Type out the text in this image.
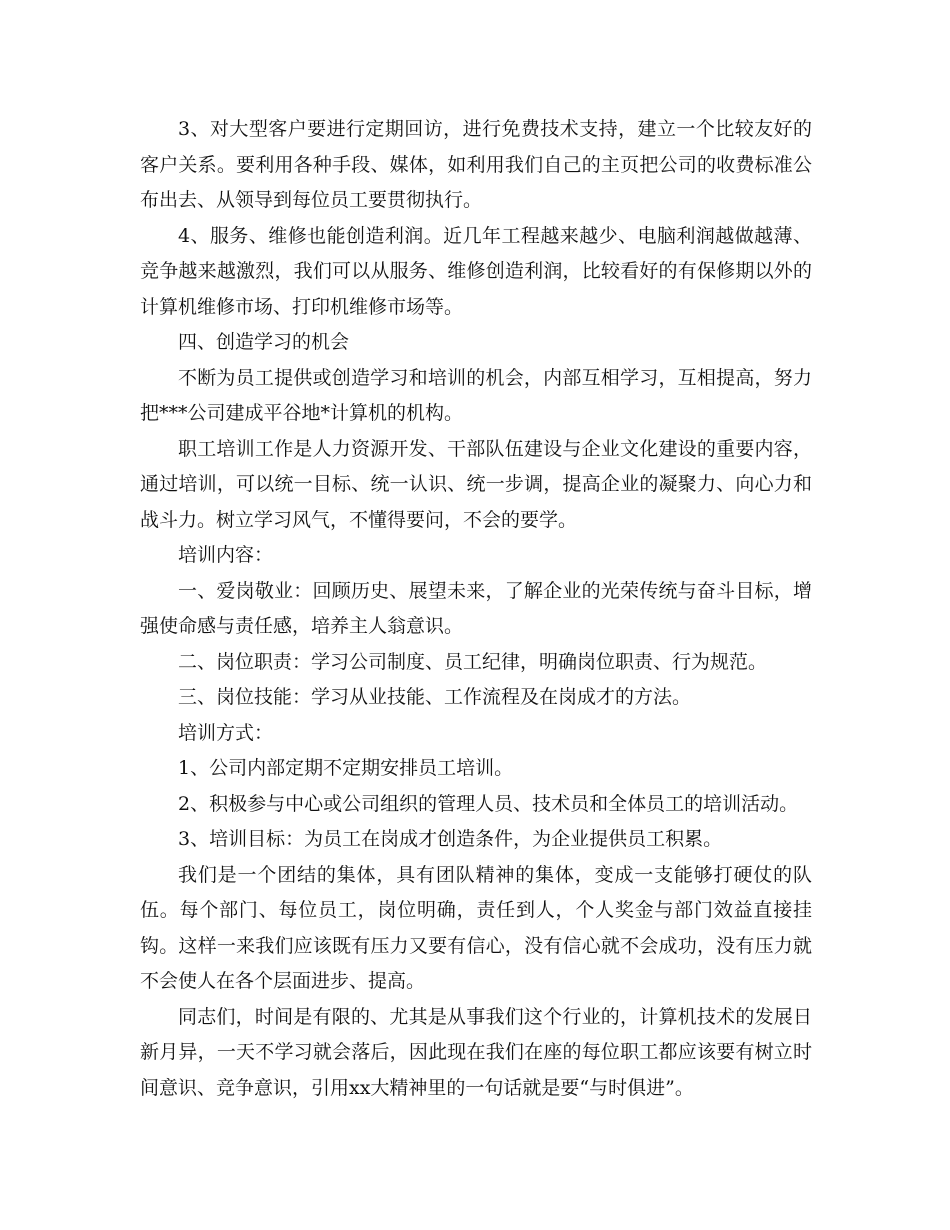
3、对大型客户要进行定期回访，进行免费技术支持，建立一个比较友好的客户关系。要利用各种手段、媒体，如利用我们自己的主页把公司的收费标准公布出去、从领导到每位员工要贯彻执行。

4、服务、维修也能创造利润。近几年工程越来越少、电脑利润越做越薄、竞争越来越激烈，我们可以从服务、维修创造利润，比较看好的有保修期以外的计算机维修市场、打印机维修市场等。

四、创造学习的机会

不断为员工提供或创造学习和培训的机会，内部互相学习，互相提高，努力把***公司建成平谷地*计算机的机构。

职工培训工作是人力资源开发、干部队伍建设与企业文化建设的重要内容，通过培训，可以统一目标、统一认识、统一步调，提高企业的凝聚力、向心力和战斗力。树立学习风气，不懂得要问，不会的要学。

培训内容：

一、爱岗敬业：回顾历史、展望未来，了解企业的光荣传统与奋斗目标，增强使命感与责任感，培养主人翁意识。

二、岗位职责：学习公司制度、员工纪律，明确岗位职责、行为规范。

三、岗位技能：学习从业技能、工作流程及在岗成才的方法。

培训方式：

1、公司内部定期不定期安排员工培训。

2、积极参与中心或公司组织的管理人员、技术员和全体员工的培训活动。

3、培训目标：为员工在岗成才创造条件，为企业提供员工积累。

我们是一个团结的集体，具有团队精神的集体，变成一支能够打硬仗的队伍。每个部门、每位员工，岗位明确，责任到人，个人奖金与部门效益直接挂钩。这样一来我们应该既有压力又要有信心，没有信心就不会成功，没有压力就不会使人在各个层面进步、提高。

同志们，时间是有限的、尤其是从事我们这个行业的，计算机技术的发展日新月异，一天不学习就会落后，因此现在我们在座的每位职工都应该要有树立时间意识、竞争意识，引用xx大精神里的一句话就是要“与时俱进”。
